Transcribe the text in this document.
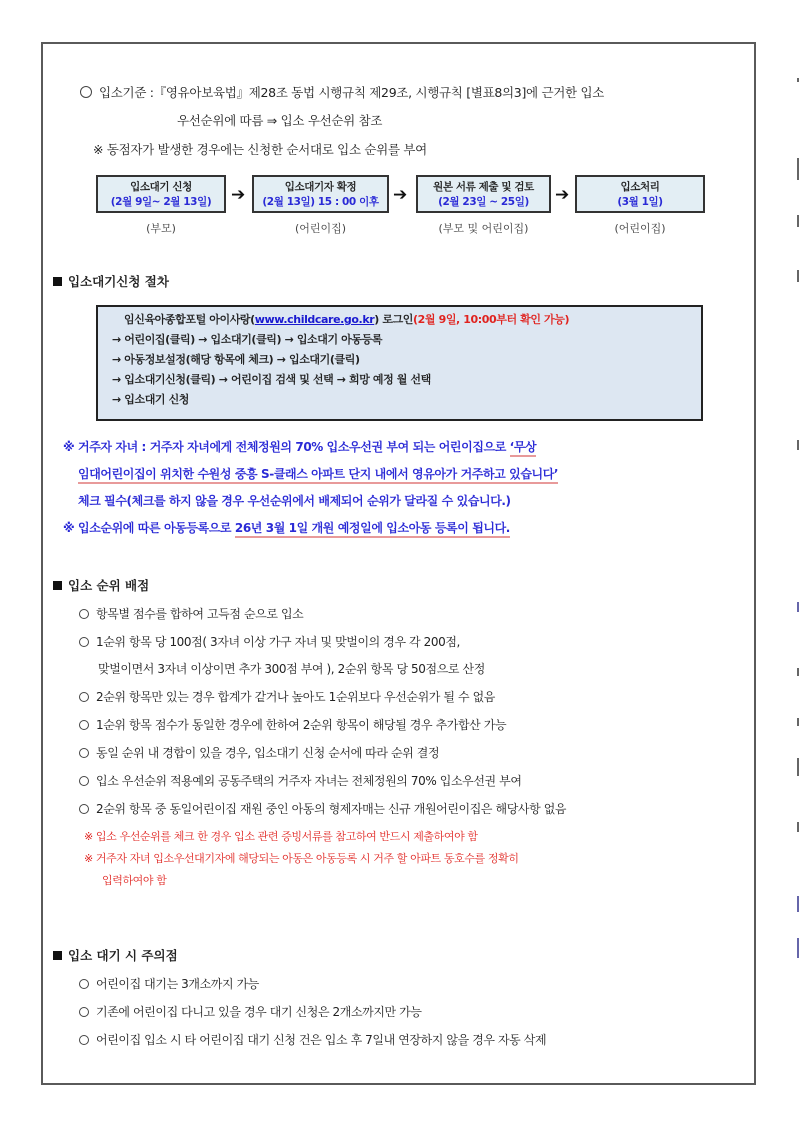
입소기준 :『영유아보육법』제28조 동법 시행규칙 제29조, 시행규칙 [별표8의3]에 근거한 입소
우선순위에 따름 ⇒ 입소 우선순위 참조
※ 동점자가 발생한 경우에는 신청한 순서대로 입소 순위를 부여
입소대기 신청
(2월 9일~ 2월 13일)	➔
(부모)
입소대기자 확정
(2월 13일) 15 : 00 이후 ➔
(어린이집)
원본 서류 제출 및 검토
(2월 23일 ~ 25일)	➔
(부모 및 어린이집)
입소처리
(3월 1일)
(어린이집)
입소대기신청 절차
임신육아종합포털 아이사랑(www.childcare.go.kr) 로그인(2월 9일, 10:00부터 확인 가능)
→ 어린이집(클릭) → 입소대기(클릭) → 입소대기 아동등록
→ 아동정보설정(해당 항목에 체크) → 입소대기(클릭)
→ 입소대기신청(클릭) → 어린이집 검색 및 선택 → 희망 예정 월 선택
→ 입소대기 신청
※ 거주자 자녀 : 거주자 자녀에게 전체정원의 70% 입소우선권 부여 되는 어린이집으로 ‘무상
임대어린이집이 위치한 수원성 중흥 S-클래스 아파트 단지 내에서 영유아가 거주하고 있습니다’
체크 필수(체크를 하지 않을 경우 우선순위에서 배제되어 순위가 달라질 수 있습니다.)
※ 입소순위에 따른 아동등록으로 26년 3월 1일 개원 예정일에 입소아동 등록이 됩니다.
입소 순위 배점
항목별 점수를 합하여 고득점 순으로 입소
1순위 항목 당 100점( 3자녀 이상 가구 자녀 및 맞벌이의 경우 각 200점,
맞벌이면서 3자녀 이상이면 추가 300점 부여 ), 2순위 항목 당 50점으로 산정
2순위 항목만 있는 경우 합계가 같거나 높아도 1순위보다 우선순위가 될 수 없음
1순위 항목 점수가 동일한 경우에 한하여 2순위 항목이 해당될 경우 추가합산 가능
동일 순위 내 경합이 있을 경우, 입소대기 신청 순서에 따라 순위 결정
입소 우선순위 적용예외 공동주택의 거주자 자녀는 전체정원의 70% 입소우선권 부여
2순위 항목 중 동일어린이집 재원 중인 아동의 형제자매는 신규 개원어린이집은 해당사항 없음
※ 입소 우선순위를 체크 한 경우 입소 관련 증빙서류를 참고하여 반드시 제출하여야 함
※ 거주자 자녀 입소우선대기자에 해당되는 아동은 아동등록 시 거주 할 아파트 동호수를 정확히
입력하여야 함
입소 대기 시 주의점
어린이집 대기는 3개소까지 가능
기존에 어린이집 다니고 있을 경우 대기 신청은 2개소까지만 가능
어린이집 입소 시 타 어린이집 대기 신청 건은 입소 후 7일내 연장하지 않을 경우 자동 삭제
